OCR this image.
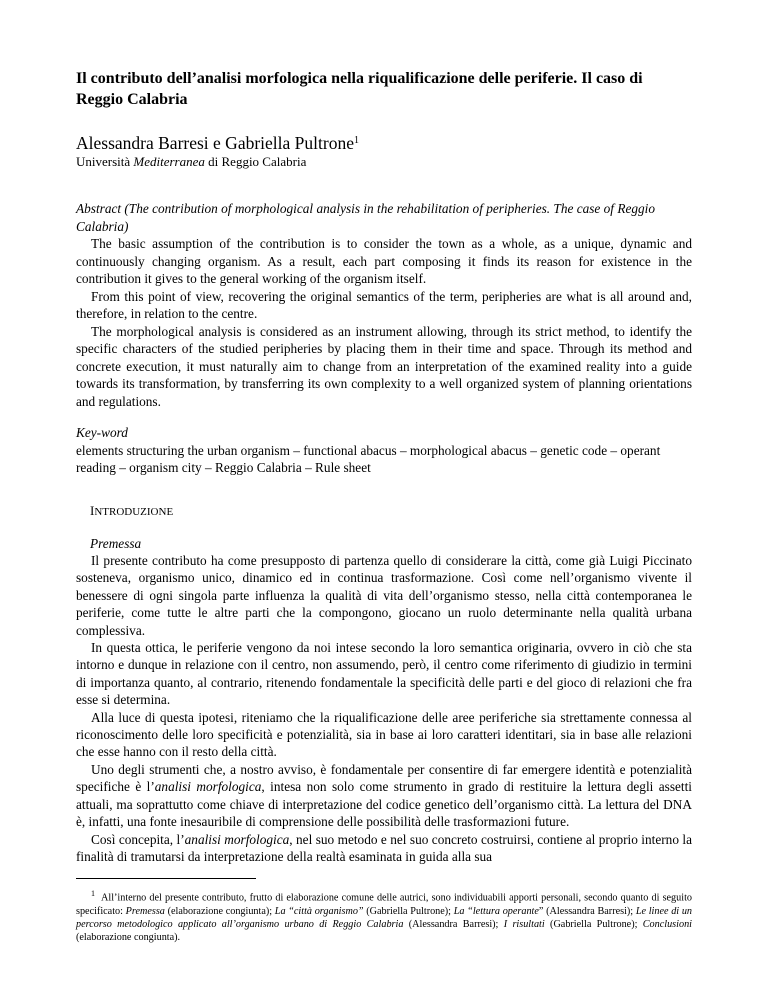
Il contributo dell’analisi morfologica nella riqualificazione delle periferie. Il caso di Reggio Calabria
Alessandra Barresi e Gabriella Pultrone$^1$
Università Mediterranea di Reggio Calabria
Abstract (The contribution of morphological analysis in the rehabilitation of peripheries. The case of Reggio Calabria)

The basic assumption of the contribution is to consider the town as a whole, as a unique, dynamic and continuously changing organism. As a result, each part composing it finds its reason for existence in the contribution it gives to the general working of the organism itself.

From this point of view, recovering the original semantics of the term, peripheries are what is all around and, therefore, in relation to the centre.

The morphological analysis is considered as an instrument allowing, through its strict method, to identify the specific characters of the studied peripheries by placing them in their time and space. Through its method and concrete execution, it must naturally aim to change from an interpretation of the examined reality into a guide towards its transformation, by transferring its own complexity to a well organized system of planning orientations and regulations.

Key-word

elements structuring the urban organism – functional abacus – morphological abacus – genetic code – operant reading – organism city – Reggio Calabria – Rule sheet

INTRODUZIONE
Premessa

Il presente contributo ha come presupposto di partenza quello di considerare la città, come già Luigi Piccinato sosteneva, organismo unico, dinamico ed in continua trasformazione. Così come nell’organismo vivente il benessere di ogni singola parte influenza la qualità di vita dell’organismo stesso, nella città contemporanea le periferie, come tutte le altre parti che la compongono, giocano un ruolo determinante nella qualità urbana complessiva.

In questa ottica, le periferie vengono da noi intese secondo la loro semantica originaria, ovvero in ciò che sta intorno e dunque in relazione con il centro, non assumendo, però, il centro come riferimento di giudizio in termini di importanza quanto, al contrario, ritenendo fondamentale la specificità delle parti e del gioco di relazioni che fra esse si determina.

Alla luce di questa ipotesi, riteniamo che la riqualificazione delle aree periferiche sia strettamente connessa al riconoscimento delle loro specificità e potenzialità, sia in base ai loro caratteri identitari, sia in base alle relazioni che esse hanno con il resto della città.

Uno degli strumenti che, a nostro avviso, è fondamentale per consentire di far emergere identità e potenzialità specifiche è l’analisi morfologica, intesa non solo come strumento in grado di restituire la lettura degli assetti attuali, ma soprattutto come chiave di interpretazione del codice genetico dell’organismo città. La lettura del DNA è, infatti, una fonte inesauribile di comprensione delle possibilità delle trasformazioni future.

Così concepita, l’analisi morfologica, nel suo metodo e nel suo concreto costruirsi, contiene al proprio interno la finalità di tramutarsi da interpretazione della realtà esaminata in guida alla sua

$^1$ All’interno del presente contributo, frutto di elaborazione comune delle autrici, sono individuabili apporti personali, secondo quanto di seguito specificato: Premessa (elaborazione congiunta); La “città organismo” (Gabriella Pultrone); La “lettura operante” (Alessandra Barresi); Le linee di un percorso metodologico applicato all’organismo urbano di Reggio Calabria (Alessandra Barresi); I risultati (Gabriella Pultrone); Conclusioni (elaborazione congiunta).
